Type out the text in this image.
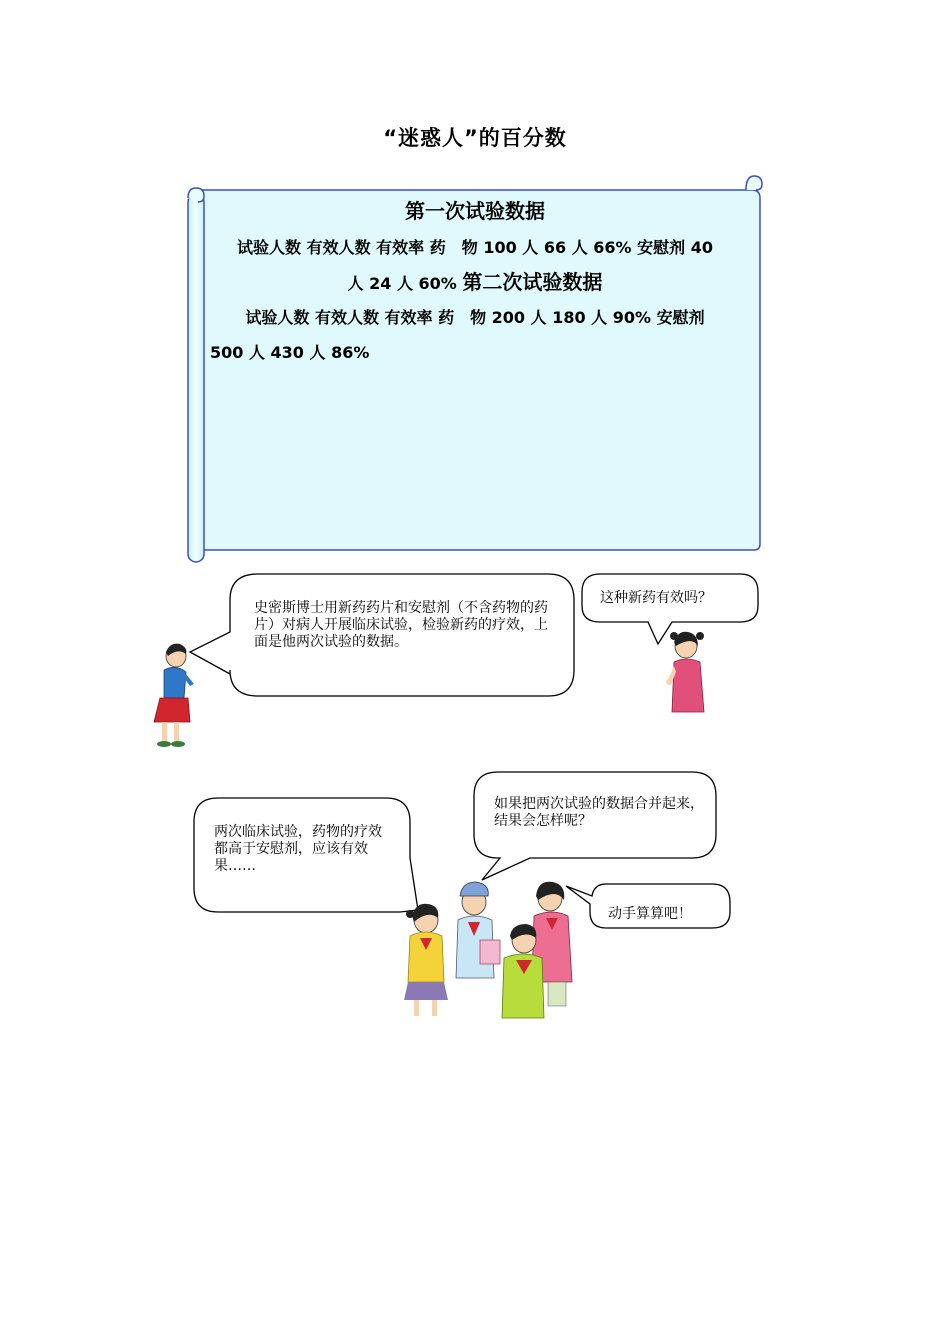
“迷惑人”的百分数
第一次试验数据
试验人数 有效人数 有效率 药　物 100 人 66 人 66% 安慰剂 40
人 24 人 60% 第二次试验数据
试验人数 有效人数 有效率 药　物 200 人 180 人 90% 安慰剂
500 人 430 人 86%
史密斯博士用新药药片和安慰剂（不含药物的药片）对病人开展临床试验，检验新药的疗效，上面是他两次试验的数据。
这种新药有效吗？
两次临床试验，药物的疗效都高于安慰剂，应该有效果……
如果把两次试验的数据合并起来，结果会怎样呢？
动手算算吧！
